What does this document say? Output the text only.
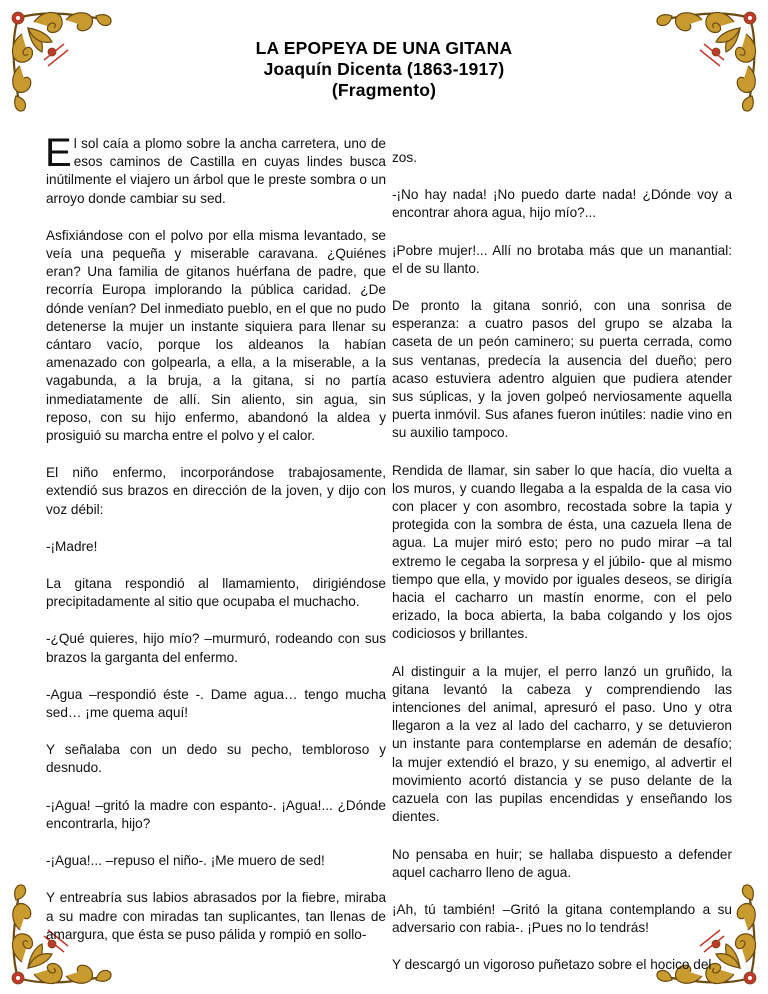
LA EPOPEYA DE UNA GITANA
Joaquín Dicenta (1863-1917)
(Fragmento)

El sol caía a plomo sobre la ancha carretera, uno de esos caminos de Castilla en cuyas lindes busca inútilmente el viajero un árbol que le preste sombra o un arroyo donde cambiar su sed.

Asfixiándose con el polvo por ella misma levantado, se veía una pequeña y miserable caravana. ¿Quiénes eran? Una familia de gitanos huérfana de padre, que recorría Europa implorando la pública caridad. ¿De dónde venían? Del inmediato pueblo, en el que no pudo detenerse la mujer un instante siquiera para llenar su cántaro vacío, porque los aldeanos la habían amenazado con golpearla, a ella, a la miserable, a la vagabunda, a la bruja, a la gitana, si no partía inmediatamente de allí. Sin aliento, sin agua, sin reposo, con su hijo enfermo, abandonó la aldea y prosiguió su marcha entre el polvo y el calor.

El niño enfermo, incorporándose trabajosamente, extendió sus brazos en dirección de la joven, y dijo con voz débil:

-¡Madre!

La gitana respondió al llamamiento, dirigiéndose precipitadamente al sitio que ocupaba el muchacho.

-¿Qué quieres, hijo mío? –murmuró, rodeando con sus brazos la garganta del enfermo.

-Agua –respondió éste -. Dame agua… tengo mucha sed… ¡me quema aquí!

Y señalaba con un dedo su pecho, tembloroso y desnudo.

-¡Agua! –gritó la madre con espanto-. ¡Agua!... ¿Dónde encontrarla, hijo?

-¡Agua!... –repuso el niño-. ¡Me muero de sed!

Y entreabría sus labios abrasados por la fiebre, miraba a su madre con miradas tan suplicantes, tan llenas de amargura, que ésta se puso pálida y rompió en sollo-

zos.

-¡No hay nada! ¡No puedo darte nada! ¿Dónde voy a encontrar ahora agua, hijo mío?...

¡Pobre mujer!... Allí no brotaba más que un manantial: el de su llanto.

De pronto la gitana sonrió, con una sonrisa de esperanza: a cuatro pasos del grupo se alzaba la caseta de un peón caminero; su puerta cerrada, como sus ventanas, predecía la ausencia del dueño; pero acaso estuviera adentro alguien que pudiera atender sus súplicas, y la joven golpeó nerviosamente aquella puerta inmóvil. Sus afanes fueron inútiles: nadie vino en su auxilio tampoco.

Rendida de llamar, sin saber lo que hacía, dio vuelta a los muros, y cuando llegaba a la espalda de la casa vio con placer y con asombro, recostada sobre la tapia y protegida con la sombra de ésta, una cazuela llena de agua. La mujer miró esto; pero no pudo mirar –a tal extremo le cegaba la sorpresa y el júbilo- que al mismo tiempo que ella, y movido por iguales deseos, se dirigía hacia el cacharro un mastín enorme, con el pelo erizado, la boca abierta, la baba colgando y los ojos codiciosos y brillantes.

Al distinguir a la mujer, el perro lanzó un gruñido, la gitana levantó la cabeza y comprendiendo las intenciones del animal, apresuró el paso. Uno y otra llegaron a la vez al lado del cacharro, y se detuvieron un instante para contemplarse en ademán de desafío; la mujer extendió el brazo, y su enemigo, al advertir el movimiento acortó distancia y se puso delante de la cazuela con las pupilas encendidas y enseñando los dientes.

No pensaba en huir; se hallaba dispuesto a defender aquel cacharro lleno de agua.

¡Ah, tú también! –Gritó la gitana contemplando a su adversario con rabia-. ¡Pues no lo tendrás!

Y descargó un vigoroso puñetazo sobre el hocico del
